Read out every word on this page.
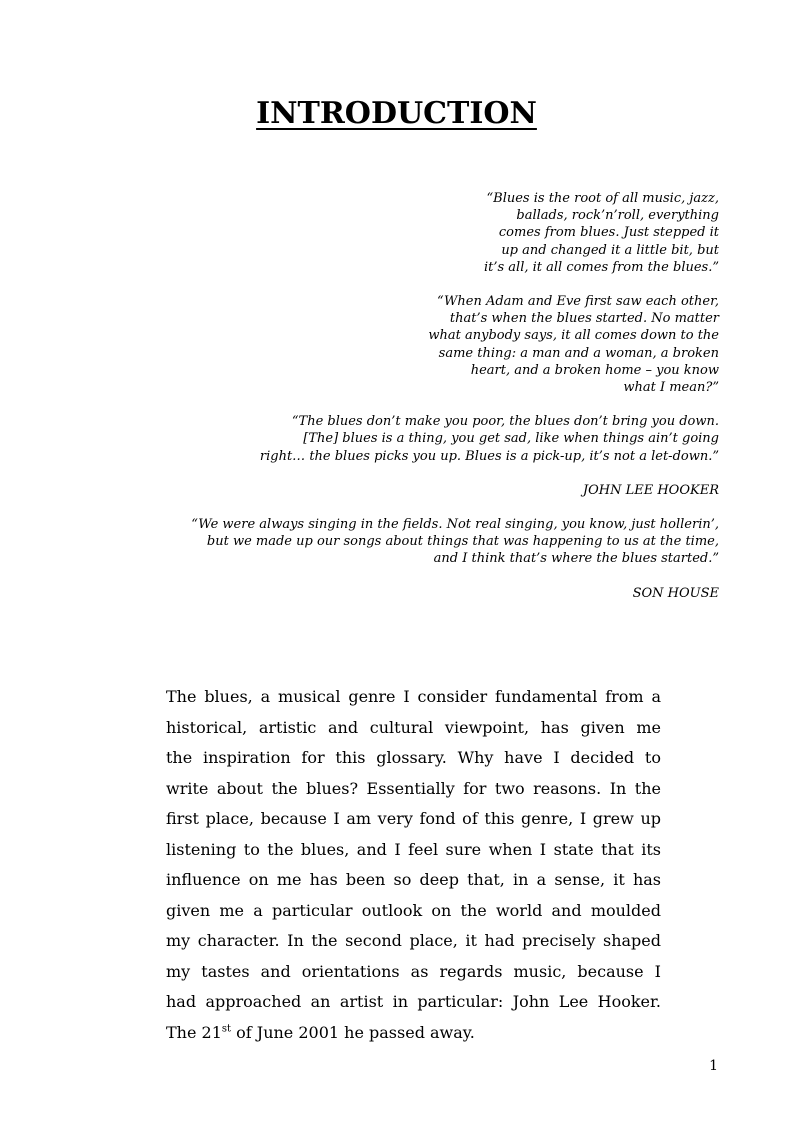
INTRODUCTION

“Blues is the root of all music, jazz,
ballads, rock’n’roll, everything
comes from blues. Just stepped it
up and changed it a little bit, but
it’s all, it all comes from the blues.”

“When Adam and Eve first saw each other,
that’s when the blues started. No matter
what anybody says, it all comes down to the
same thing: a man and a woman, a broken
heart, and a broken home – you know
what I mean?”

“The blues don’t make you poor, the blues don’t bring you down.
[The] blues is a thing, you get sad, like when things ain’t going
right… the blues picks you up. Blues is a pick-up, it’s not a let-down.”

JOHN LEE HOOKER

“We were always singing in the fields. Not real singing, you know, just hollerin’,
but we made up our songs about things that was happening to us at the time,
and I think that’s where the blues started.”

SON HOUSE
The blues, a musical genre I consider fundamental from a
historical, artistic and cultural viewpoint, has given me
the inspiration for this glossary. Why have I decided to
write about the blues? Essentially for two reasons. In the
first place, because I am very fond of this genre, I grew up
listening to the blues, and I feel sure when I state that its
influence on me has been so deep that, in a sense, it has
given me a particular outlook on the world and moulded
my character. In the second place, it had precisely shaped
my tastes and orientations as regards music, because I
had approached an artist in particular: John Lee Hooker.
The 21st of June 2001 he passed away.
1
